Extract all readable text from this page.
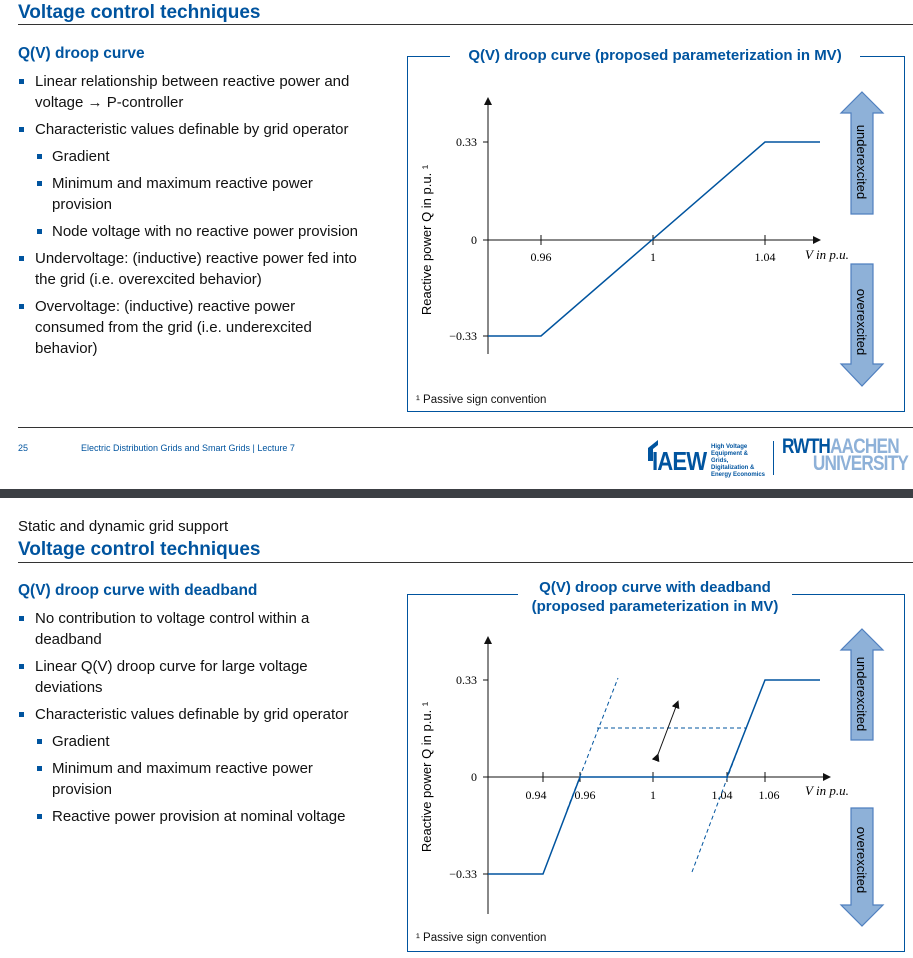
Voltage control techniques
Q(V) droop curve
Linear relationship between reactive power and
voltage → P-controller
Characteristic values definable by grid operator
Gradient
Minimum and maximum reactive power
provision
Node voltage with no reactive power provision
Undervoltage: (inductive) reactive power fed into
the grid (i.e. overexcited behavior)
Overvoltage: (inductive) reactive power
consumed from the grid (i.e. underexcited
behavior)
Q(V) droop curve (proposed parameterization in MV)
0.33
0
−0.33
0.96	1	1.04 V in p.u.
Reactive power Q in p.u. ¹
underexcited
overexcited
¹ Passive sign convention
25	Electric Distribution Grids and Smart Grids | Lecture 7	IAEW High Voltage
Equipment & Grids,
Digitalization &
Energy Economics
RWTHAACHEN
UNIVERSITY
Static and dynamic grid support
Voltage control techniques
Q(V) droop curve with deadband
No contribution to voltage control within a
deadband
Linear Q(V) droop curve for large voltage
deviations
Characteristic values definable by grid operator
Gradient
Minimum and maximum reactive power
provision
Reactive power provision at nominal voltage
Q(V) droop curve with deadband
(proposed parameterization in MV)
0.33
0
−0.33
0.94 0.96	1	1.04 1.06 V in p.u.
Reactive power Q in p.u. ¹
underexcited
overexcited
¹ Passive sign convention
